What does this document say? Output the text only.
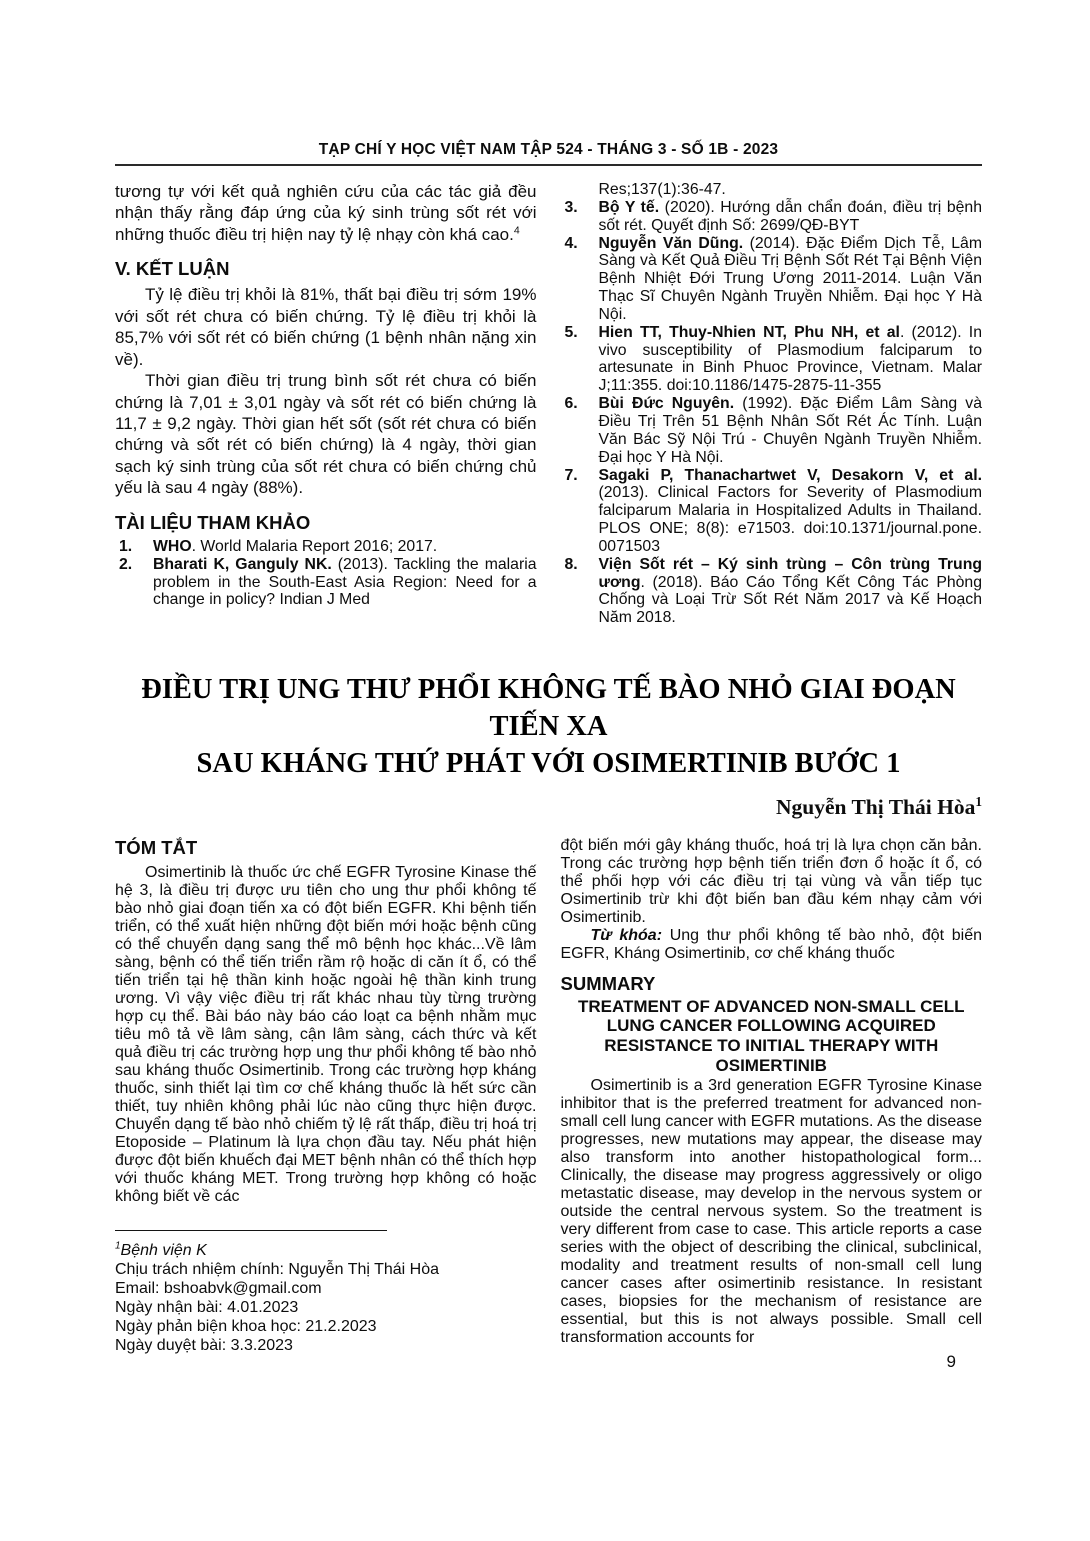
TẠP CHÍ Y HỌC VIỆT NAM TẬP 524 - THÁNG 3 - SỐ 1B - 2023

tương tự với kết quả nghiên cứu của các tác giả đều nhận thấy rằng đáp ứng của ký sinh trùng sốt rét với những thuốc điều trị hiện nay tỷ lệ nhạy còn khá cao.$^4$

V. KẾT LUẬN

Tỷ lệ điều trị khỏi là 81%, thất bại điều trị sớm 19% với sốt rét chưa có biến chứng. Tỷ lệ điều trị khỏi là 85,7% với sốt rét có biến chứng (1 bệnh nhân nặng xin về).

Thời gian điều trị trung bình sốt rét chưa có biến chứng là 7,01 ± 3,01 ngày và sốt rét có biến chứng là 11,7 ± 9,2 ngày. Thời gian hết sốt (sốt rét chưa có biến chứng và sốt rét có biến chứng) là 4 ngày, thời gian sạch ký sinh trùng của sốt rét chưa có biến chứng chủ yếu là sau 4 ngày (88%).

TÀI LIỆU THAM KHẢO

1. WHO. World Malaria Report 2016; 2017.

2. Bharati K, Ganguly NK. (2013). Tackling the malaria problem in the South-East Asia Region: Need for a change in policy? Indian J Med

Res;137(1):36-47.

3. Bộ Y tế. (2020). Hướng dẫn chẩn đoán, điều trị bệnh sốt rét. Quyết định Số: 2699/QĐ-BYT

4. Nguyễn Văn Dũng. (2014). Đặc Điểm Dịch Tễ, Lâm Sàng và Kết Quả Điều Trị Bệnh Sốt Rét Tại Bệnh Viện Bệnh Nhiệt Đới Trung Ương 2011-2014. Luận Văn Thạc Sĩ Chuyên Ngành Truyền Nhiễm. Đại học Y Hà Nội.

5. Hien TT, Thuy-Nhien NT, Phu NH, et al. (2012). In vivo susceptibility of Plasmodium falciparum to artesunate in Binh Phuoc Province, Vietnam. Malar J;11:355. doi:10.1186/1475-2875-11-355

6. Bùi Đức Nguyên. (1992). Đặc Điểm Lâm Sàng và Điều Trị Trên 51 Bệnh Nhân Sốt Rét Ác Tính. Luận Văn Bác Sỹ Nội Trú - Chuyên Ngành Truyền Nhiễm. Đại học Y Hà Nội.

7. Sagaki P, Thanachartwet V, Desakorn V, et al. (2013). Clinical Factors for Severity of Plasmodium falciparum Malaria in Hospitalized Adults in Thailand. PLOS ONE; 8(8): e71503. doi:10.1371/journal.pone. 0071503

8. Viện Sốt rét – Ký sinh trùng – Côn trùng Trung ương. (2018). Báo Cáo Tổng Kết Công Tác Phòng Chống và Loại Trừ Sốt Rét Năm 2017 và Kế Hoạch Năm 2018.

ĐIỀU TRỊ UNG THƯ PHỔI KHÔNG TẾ BÀO NHỎ GIAI ĐOẠN TIẾN XA
SAU KHÁNG THỨ PHÁT VỚI OSIMERTINIB BƯỚC 1
Nguyễn Thị Thái Hòa$^1$
TÓM TẮT

Osimertinib là thuốc ức chế EGFR Tyrosine Kinase thế hệ 3, là điều trị được ưu tiên cho ung thư phổi không tế bào nhỏ giai đoạn tiến xa có đột biến EGFR. Khi bệnh tiến triển, có thể xuất hiện những đột biến mới hoặc bệnh cũng có thể chuyển dạng sang thể mô bệnh học khác...Về lâm sàng, bệnh có thể tiến triển rầm rộ hoặc di căn ít ổ, có thể tiến triển tại hệ thần kinh hoặc ngoài hệ thần kinh trung ương. Vì vậy việc điều trị rất khác nhau tùy từng trường hợp cụ thể. Bài báo này báo cáo loạt ca bệnh nhằm mục tiêu mô tả về lâm sàng, cận lâm sàng, cách thức và kết quả điều trị các trường hợp ung thư phổi không tế bào nhỏ sau kháng thuốc Osimertinib. Trong các trường hợp kháng thuốc, sinh thiết lại tìm cơ chế kháng thuốc là hết sức cần thiết, tuy nhiên không phải lúc nào cũng thực hiện được. Chuyển dạng tế bào nhỏ chiếm tỷ lệ rất thấp, điều trị hoá trị Etoposide – Platinum là lựa chọn đầu tay. Nếu phát hiện được đột biến khuếch đại MET bệnh nhân có thể thích hợp với thuốc kháng MET. Trong trường hợp không có hoặc không biết về các

$^1$Bệnh viện K

Chịu trách nhiệm chính: Nguyễn Thị Thái Hòa

Email: bshoabvk@gmail.com

Ngày nhận bài: 4.01.2023

Ngày phản biện khoa học: 21.2.2023

Ngày duyệt bài: 3.3.2023

đột biến mới gây kháng thuốc, hoá trị là lựa chọn căn bản. Trong các trường hợp bệnh tiến triển đơn ổ hoặc ít ổ, có thể phối hợp với các điều trị tại vùng và vẫn tiếp tục Osimertinib trừ khi đột biến ban đầu kém nhạy cảm với Osimertinib.

Từ khóa: Ung thư phổi không tế bào nhỏ, đột biến EGFR, Kháng Osimertinib, cơ chế kháng thuốc

SUMMARY
TREATMENT OF ADVANCED NON-SMALL CELL LUNG CANCER FOLLOWING ACQUIRED RESISTANCE TO INITIAL THERAPY WITH OSIMERTINIB

Osimertinib is a 3rd generation EGFR Tyrosine Kinase inhibitor that is the preferred treatment for advanced non-small cell lung cancer with EGFR mutations. As the disease progresses, new mutations may appear, the disease may also transform into another histopathological form... Clinically, the disease may progress aggressively or oligo metastatic disease, may develop in the nervous system or outside the central nervous system. So the treatment is very different from case to case. This article reports a case series with the object of describing the clinical, subclinical, modality and treatment results of non-small cell lung cancer cases after osimertinib resistance. In resistant cases, biopsies for the mechanism of resistance are essential, but this is not always possible. Small cell transformation accounts for

9
